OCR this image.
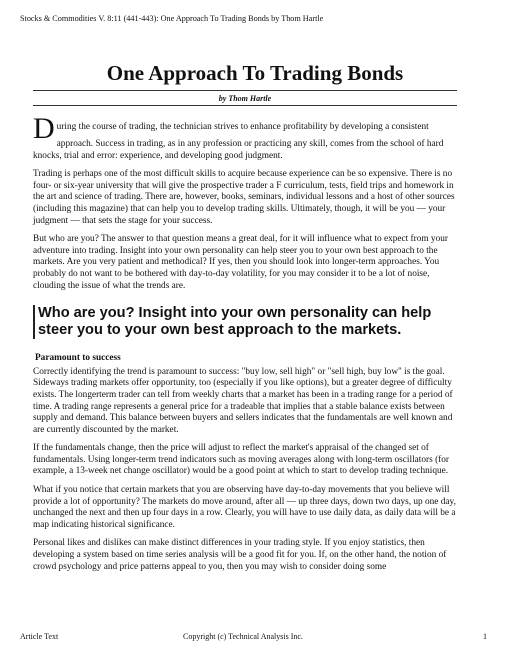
Stocks & Commodities V. 8:11 (441-443): One Approach To Trading Bonds by Thom Hartle
One Approach To Trading Bonds
by Thom Hartle

D uring the course of trading, the technician strives to enhance profitability by developing a consistent
approach. Success in trading, as in any profession or practicing any skill, comes from the school of hard knocks, trial and error: experience, and developing good judgment.

Trading is perhaps one of the most difficult skills to acquire because experience can be so expensive. There is no four- or six-year university that will give the prospective trader a F curriculum, tests, field trips and homework in the art and science of trading. There are, however, books, seminars, individual lessons and a host of other sources (including this magazine) that can help you to develop trading skills. Ultimately, though, it will be you — your judgment — that sets the stage for your success.

But who are you? The answer to that question means a great deal, for it will influence what to expect from your adventure into trading. Insight into your own personality can help steer you to your own best approach to the markets. Are you very patient and methodical? If yes, then you should look into longer-term approaches. You probably do not want to be bothered with day-to-day volatility, for you may consider it to be a lot of noise, clouding the issue of what the trends are.

Who are you? Insight into your own personality can help steer you to your own best approach to the markets.
Paramount to success

Correctly identifying the trend is paramount to success: "buy low, sell high" or "sell high, buy low" is the goal. Sideways trading markets offer opportunity, too (especially if you like options), but a greater degree of difficulty exists. The longerterm trader can tell from weekly charts that a market has been in a trading range for a period of time. A trading range represents a general price for a tradeable that implies that a stable balance exists between supply and demand. This balance between buyers and sellers indicates that the fundamentals are well known and are currently discounted by the market.

If the fundamentals change, then the price will adjust to reflect the market's appraisal of the changed set of fundamentals. Using longer-term trend indicators such as moving averages along with long-term oscillators (for example, a 13-week net change oscillator) would be a good point at which to start to develop trading technique.

What if you notice that certain markets that you are observing have day-to-day movements that you believe will provide a lot of opportunity? The markets do move around, after all — up three days, down two days, up one day, unchanged the next and then up four days in a row. Clearly, you will have to use daily data, as daily data will be a map indicating historical significance.

Personal likes and dislikes can make distinct differences in your trading style. If you enjoy statistics, then developing a system based on time series analysis will be a good fit for you. If, on the other hand, the notion of crowd psychology and price patterns appeal to you, then you may wish to consider doing some

Article Text	Copyright (c) Technical Analysis Inc.	1
